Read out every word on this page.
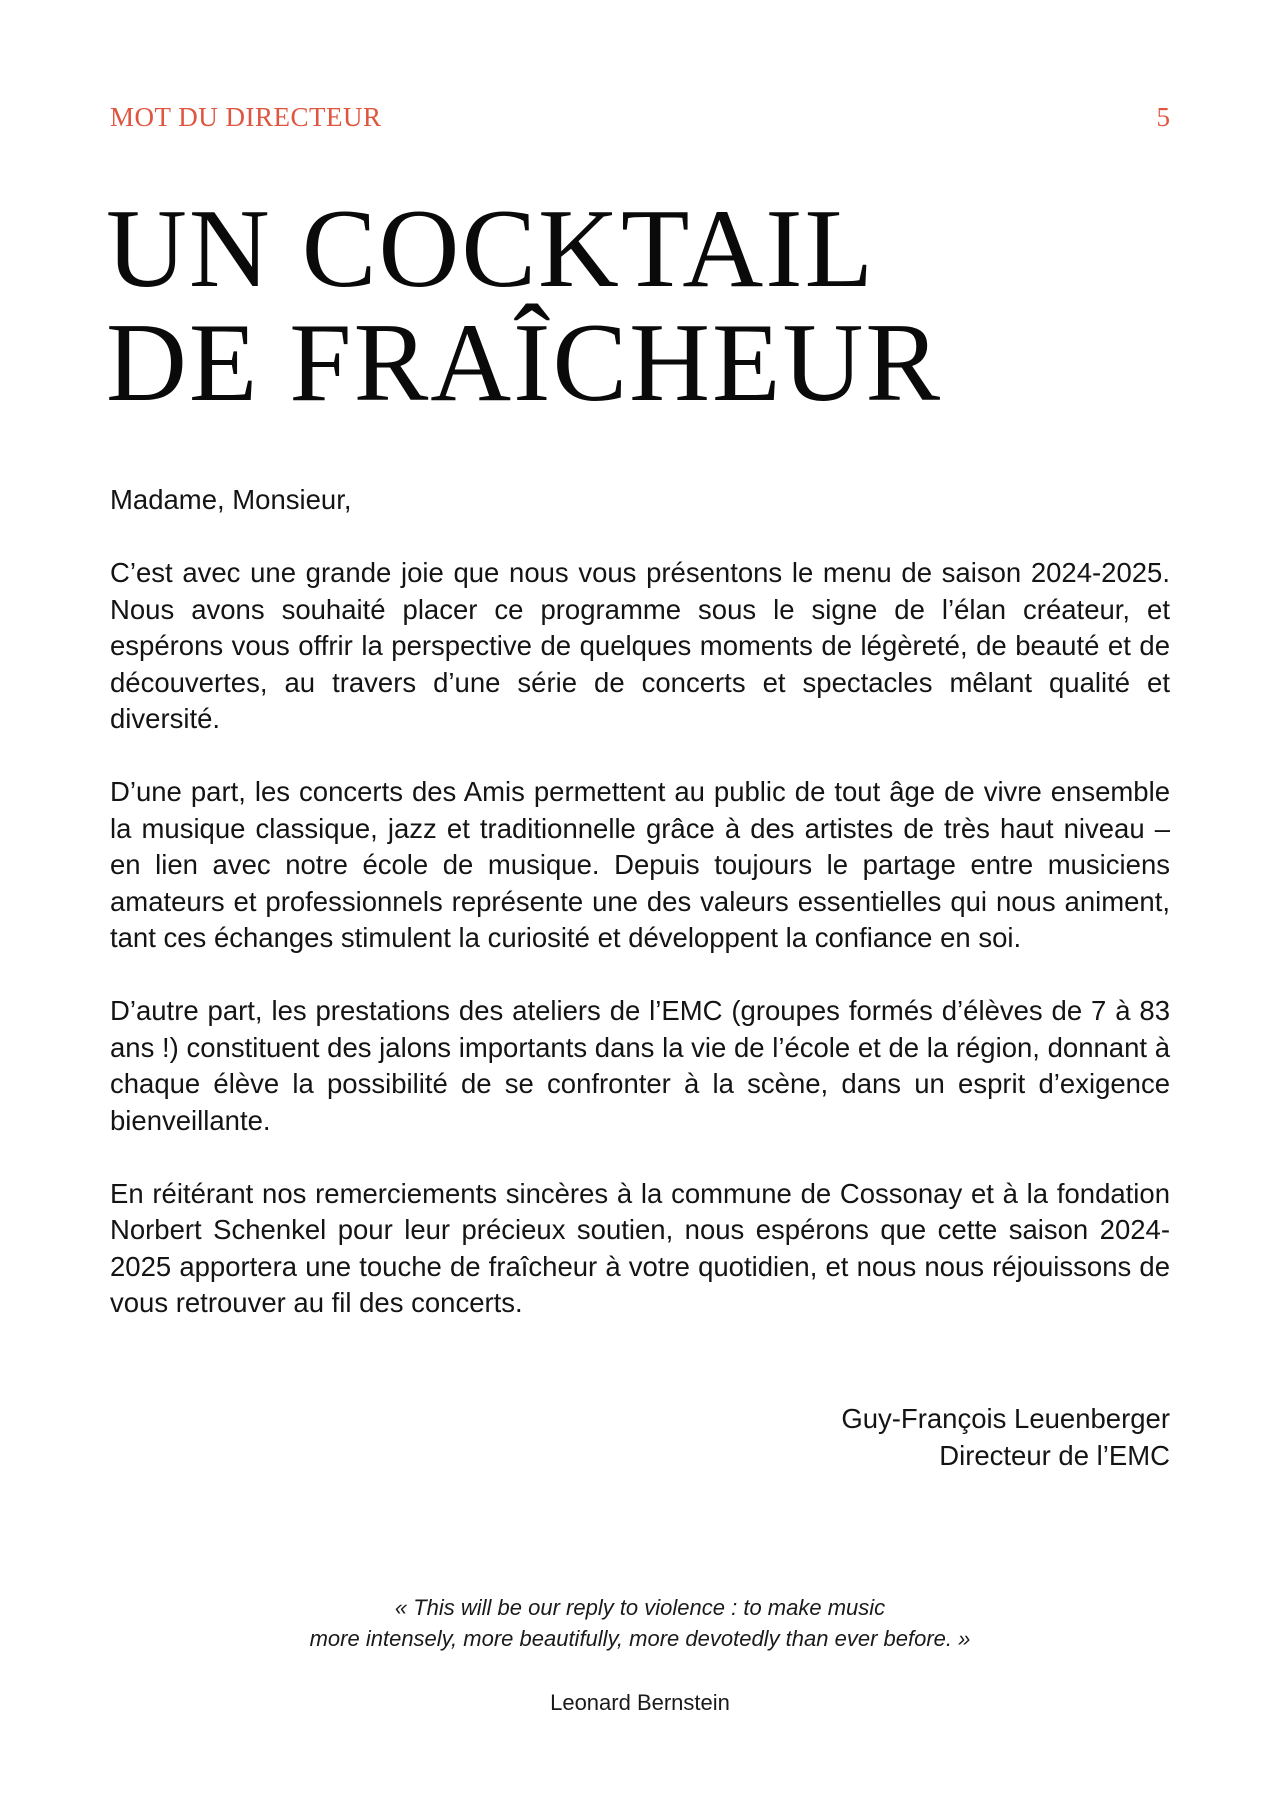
MOT DU DIRECTEUR	5
UN COCKTAIL
DE FRAÎCHEUR

Madame, Monsieur,

C’est avec une grande joie que nous vous présentons le menu de saison 2024-2025. Nous avons souhaité placer ce programme sous le signe de l’élan créateur, et espérons vous offrir la perspective de quelques moments de légèreté, de beauté et de découvertes, au travers d’une série de concerts et spectacles mêlant qualité et diversité.

D’une part, les concerts des Amis permettent au public de tout âge de vivre ensemble la musique classique, jazz et traditionnelle grâce à des artistes de très haut niveau – en lien avec notre école de musique. Depuis toujours le partage entre musiciens amateurs et professionnels représente une des valeurs essentielles qui nous animent, tant ces échanges stimulent la curiosité et développent la confiance en soi.

D’autre part, les prestations des ateliers de l’EMC (groupes formés d’élèves de 7 à 83 ans !) constituent des jalons importants dans la vie de l’école et de la région, donnant à chaque élève la possibilité de se confronter à la scène, dans un esprit d’exigence bienveillante.

En réitérant nos remerciements sincères à la commune de Cossonay et à la fondation Norbert Schenkel pour leur précieux soutien, nous espérons que cette saison 2024-2025 apportera une touche de fraîcheur à votre quotidien, et nous nous réjouissons de vous retrouver au fil des concerts.

Guy-François Leuenberger
Directeur de l’EMC
« This will be our reply to violence : to make music
more intensely, more beautifully, more devotedly than ever before. »
Leonard Bernstein
